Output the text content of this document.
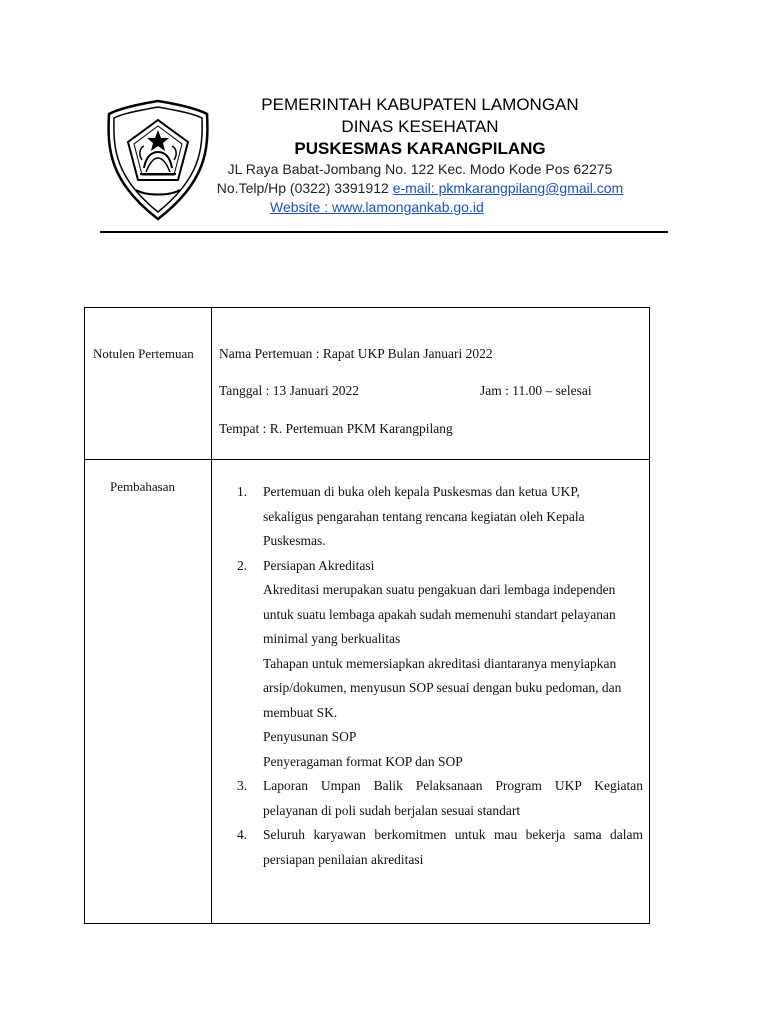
PEMERINTAH KABUPATEN LAMONGAN
DINAS KESEHATAN
PUSKESMAS KARANGPILANG
JL Raya Babat-Jombang No. 122 Kec. Modo Kode Pos 62275
No.Telp/Hp (0322) 3391912 e-mail: pkmkarangpilang@gmail.com
Website : www.lamongankab.go.id
Notulen Pertemuan Nama Pertemuan : Rapat UKP Bulan Januari 2022
Tanggal : 13 Januari 2022	Jam : 11.00 – selesai
Tempat : R. Pertemuan PKM Karangpilang
Pembahasan	1. Pertemuan di buka oleh kepala Puskesmas dan ketua UKP,
sekaligus pengarahan tentang rencana kegiatan oleh Kepala
Puskesmas.
2. Persiapan Akreditasi
Akreditasi merupakan suatu pengakuan dari lembaga independen
untuk suatu lembaga apakah sudah memenuhi standart pelayanan
minimal yang berkualitas
Tahapan untuk memersiapkan akreditasi diantaranya menyiapkan
arsip/dokumen, menyusun SOP sesuai dengan buku pedoman, dan
membuat SK.
Penyusunan SOP
Penyeragaman format KOP dan SOP
3. Laporan Umpan Balik Pelaksanaan Program UKP Kegiatan
pelayanan di poli sudah berjalan sesuai standart
4. Seluruh karyawan berkomitmen untuk mau bekerja sama dalam
persiapan penilaian akreditasi
